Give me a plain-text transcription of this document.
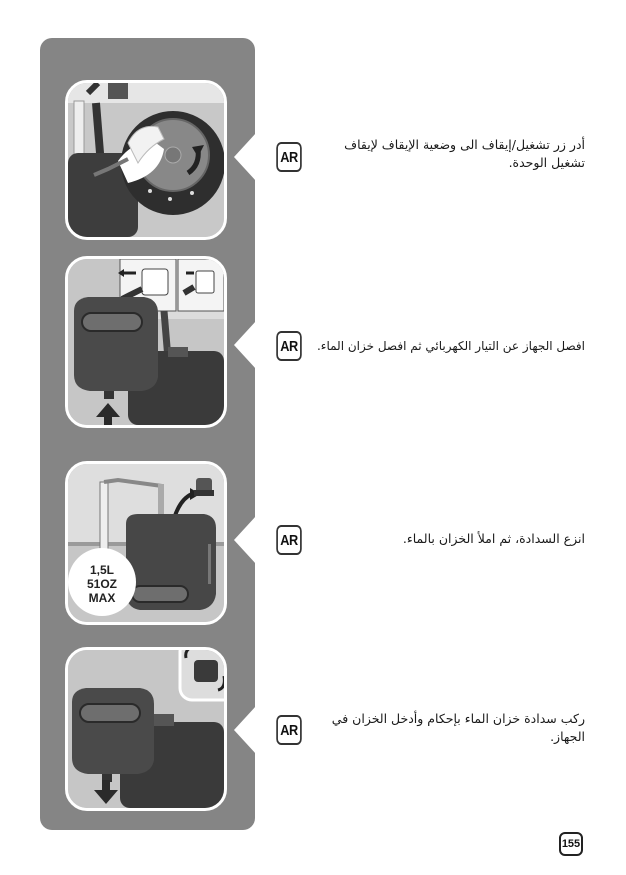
1,5L
51OZ
MAX
AR
أدر زر تشغيل/إيقاف الى وضعية الإيقاف لإيقاف تشغيل الوحدة.
AR	افصل الجهاز عن التيار الكهربائي ثم افصل خزان الماء.
AR	انزع السدادة، ثم املأ الخزان بالماء.
AR
ركب سدادة خزان الماء بإحكام وأدخل الخزان في الجهاز.
155
